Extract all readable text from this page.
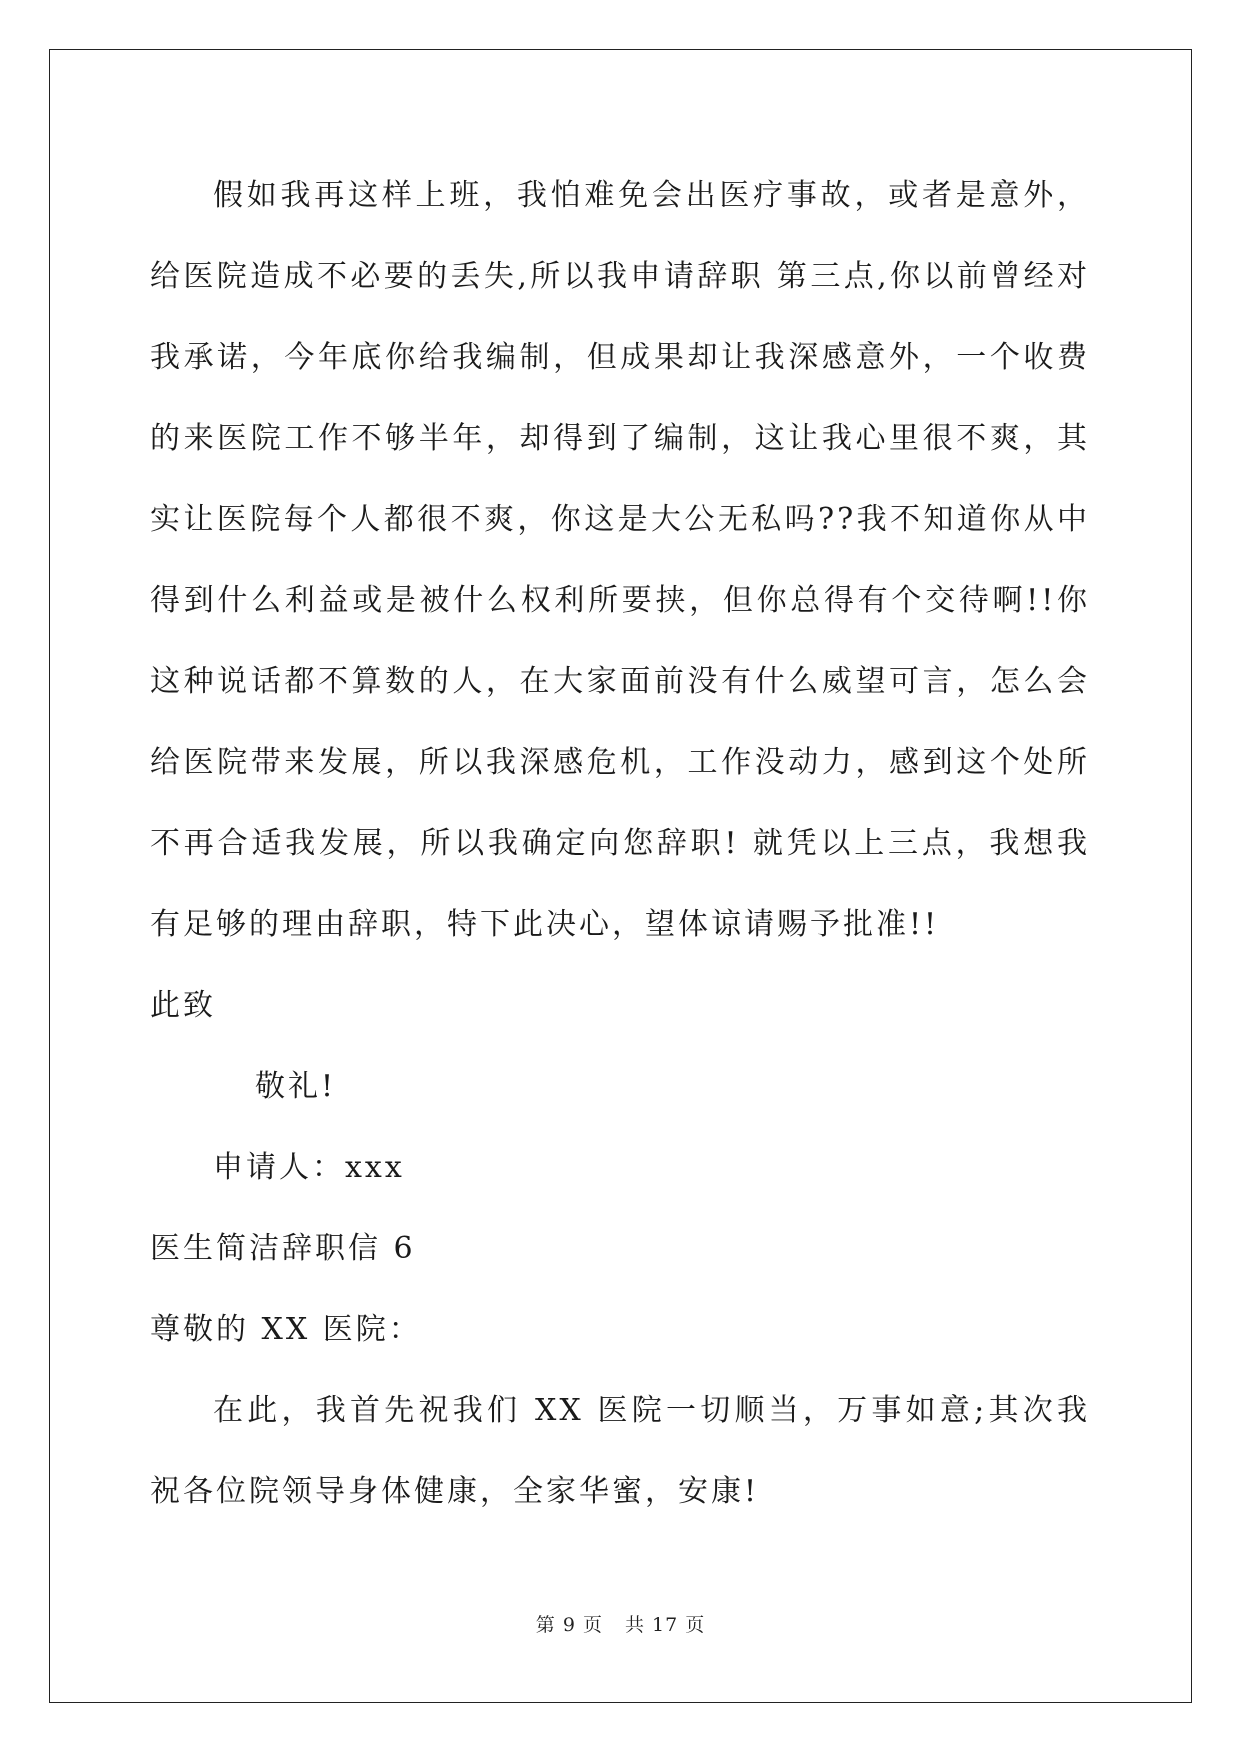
假如我再这样上班，我怕难免会出医疗事故，或者是意外，给医院造成不必要的丢失,所以我申请辞职 第三点,你以前曾经对我承诺，今年底你给我编制，但成果却让我深感意外，一个收费的来医院工作不够半年，却得到了编制，这让我心里很不爽，其实让医院每个人都很不爽，你这是大公无私吗??我不知道你从中得到什么利益或是被什么权利所要挟，但你总得有个交待啊!!你这种说话都不算数的人，在大家面前没有什么威望可言，怎么会给医院带来发展，所以我深感危机，工作没动力，感到这个处所不再合适我发展，所以我确定向您辞职! 就凭以上三点，我想我有足够的理由辞职，特下此决心，望体谅请赐予批准!!

此致

敬礼!

申请人：xxx

医生简洁辞职信 6

尊敬的 XX 医院：

在此，我首先祝我们 XX 医院一切顺当，万事如意;其次我祝各位院领导身体健康，全家华蜜，安康!

第 9 页 共 17 页
